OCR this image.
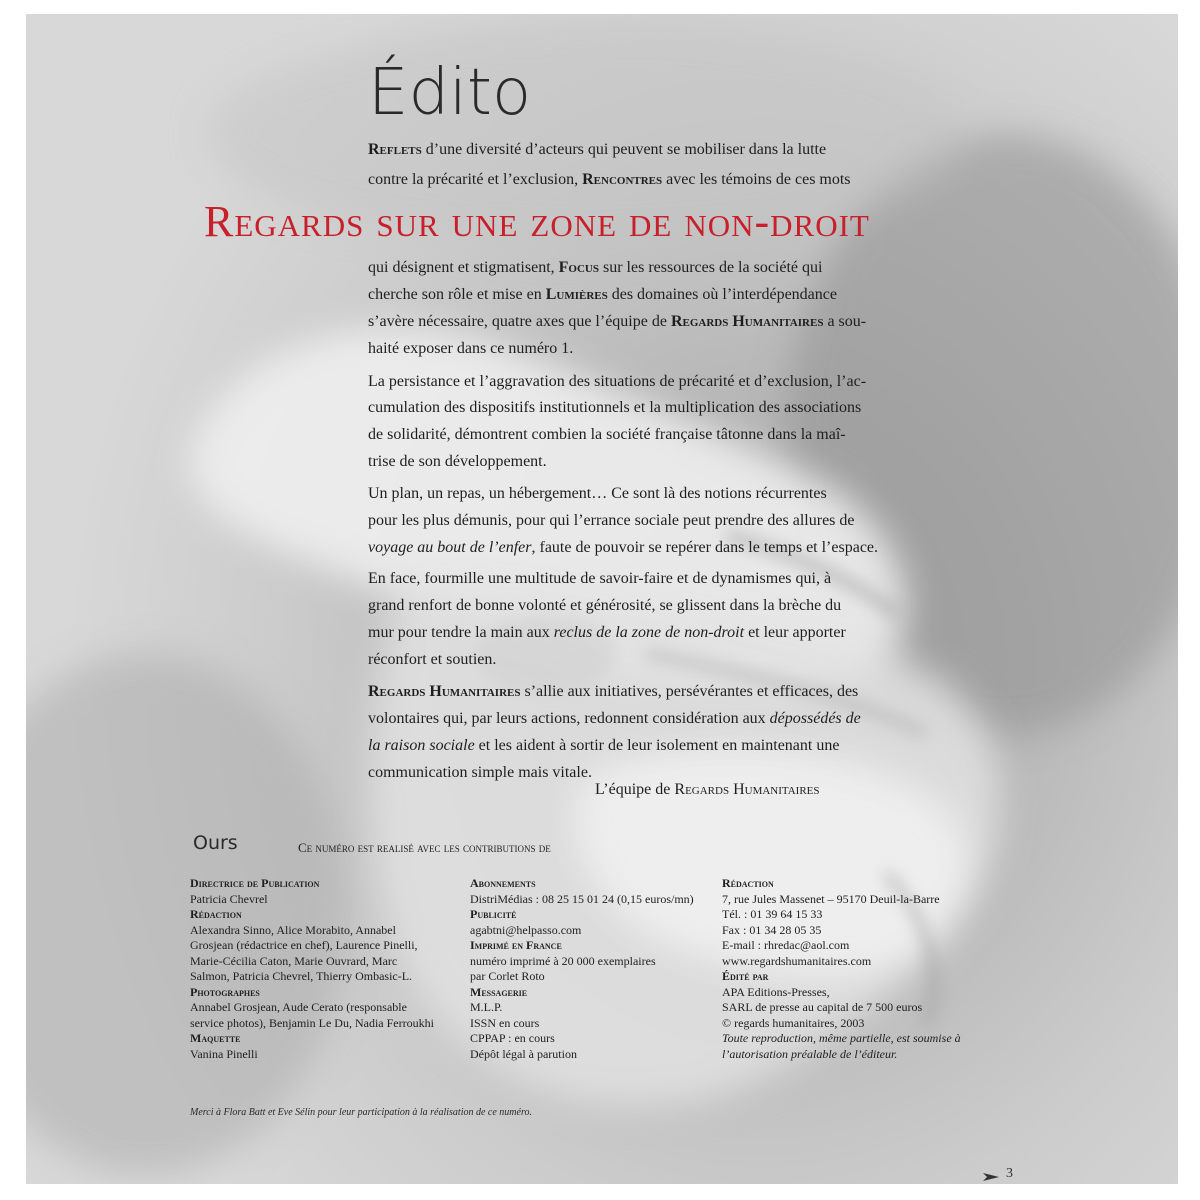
Édito
Reflets d’une diversité d’acteurs qui peuvent se mobiliser dans la lutte
contre la précarité et l’exclusion, Rencontres avec les témoins de ces mots
Regards sur une zone de non-droit
qui désignent et stigmatisent, Focus sur les ressources de la société qui
cherche son rôle et mise en Lumières des domaines où l’interdépendance
s’avère nécessaire, quatre axes que l’équipe de Regards Humanitaires a sou-
haité exposer dans ce numéro 1.
La persistance et l’aggravation des situations de précarité et d’exclusion, l’ac-
cumulation des dispositifs institutionnels et la multiplication des associations
de solidarité, démontrent combien la société française tâtonne dans la maî-
trise de son développement.
Un plan, un repas, un hébergement… Ce sont là des notions récurrentes
pour les plus démunis, pour qui l’errance sociale peut prendre des allures de
voyage au bout de l’enfer, faute de pouvoir se repérer dans le temps et l’espace.
En face, fourmille une multitude de savoir-faire et de dynamismes qui, à
grand renfort de bonne volonté et générosité, se glissent dans la brèche du
mur pour tendre la main aux reclus de la zone de non-droit et leur apporter
réconfort et soutien.
Regards Humanitaires s’allie aux initiatives, persévérantes et efficaces, des
volontaires qui, par leurs actions, redonnent considération aux dépossédés de
la raison sociale et les aident à sortir de leur isolement en maintenant une
communication simple mais vitale.
L’équipe de Regards Humanitaires
Ours	Ce numéro est realisé avec les contributions de
Directrice de Publication
Patricia Chevrel
Rédaction
Alexandra Sinno, Alice Morabito, Annabel
Grosjean (rédactrice en chef), Laurence Pinelli,
Marie-Cécilia Caton, Marie Ouvrard, Marc
Salmon, Patricia Chevrel, Thierry Ombasic-L.
Photographes
Annabel Grosjean, Aude Cerato (responsable
service photos), Benjamin Le Du, Nadia Ferroukhi
Maquette
Vanina Pinelli
Abonnements
DistriMédias : 08 25 15 01 24 (0,15 euros/mn)
Publicité
agabtni@helpasso.com
Imprimé en France
numéro imprimé à 20 000 exemplaires
par Corlet Roto
Messagerie
M.L.P.
ISSN en cours
CPPAP : en cours
Dépôt légal à parution
Rédaction
7, rue Jules Massenet – 95170 Deuil-la-Barre
Tél. : 01 39 64 15 33
Fax : 01 34 28 05 35
E-mail : rhredac@aol.com
www.regardshumanitaires.com
Édité par
APA Editions-Presses,
SARL de presse au capital de 7 500 euros
© regards humanitaires, 2003
Toute reproduction, même partielle, est soumise à
l’autorisation préalable de l’éditeur.
Merci à Flora Batt et Eve Sélin pour leur participation à la réalisation de ce numéro.
3
